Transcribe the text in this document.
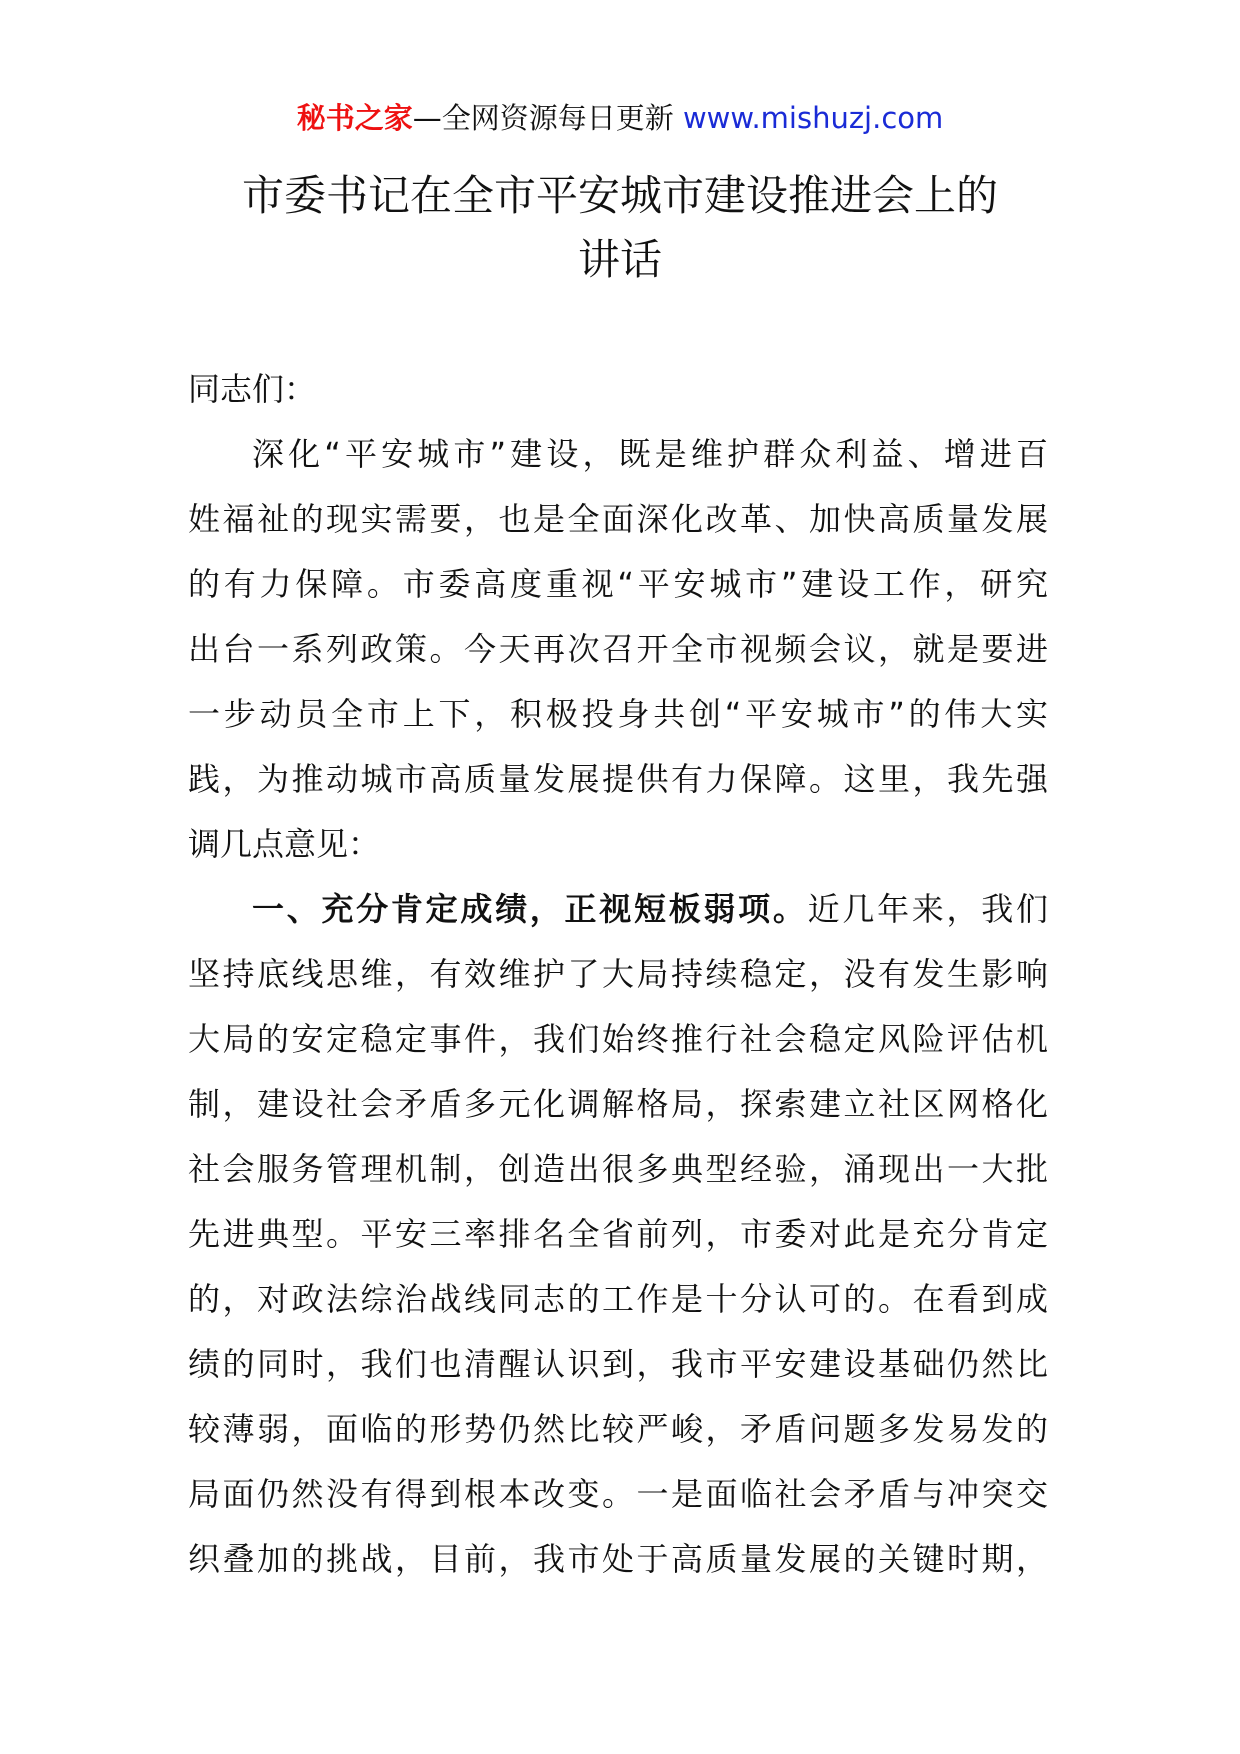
秘书之家—全网资源每日更新 www.mishuzj.com
市委书记在全市平安城市建设推进会上的
讲话
同志们：
深化“平安城市”建设，既是维护群众利益、增进百
姓福祉的现实需要，也是全面深化改革、加快高质量发展
的有力保障。市委高度重视“平安城市”建设工作，研究
出台一系列政策。今天再次召开全市视频会议，就是要进
一步动员全市上下，积极投身共创“平安城市”的伟大实
践，为推动城市高质量发展提供有力保障。这里，我先强
调几点意见：
一、充分肯定成绩，正视短板弱项。近几年来，我们
坚持底线思维，有效维护了大局持续稳定，没有发生影响
大局的安定稳定事件，我们始终推行社会稳定风险评估机
制，建设社会矛盾多元化调解格局，探索建立社区网格化
社会服务管理机制，创造出很多典型经验，涌现出一大批
先进典型。平安三率排名全省前列，市委对此是充分肯定
的，对政法综治战线同志的工作是十分认可的。在看到成
绩的同时，我们也清醒认识到，我市平安建设基础仍然比
较薄弱，面临的形势仍然比较严峻，矛盾问题多发易发的
局面仍然没有得到根本改变。一是面临社会矛盾与冲突交
织叠加的挑战，目前，我市处于高质量发展的关键时期，
